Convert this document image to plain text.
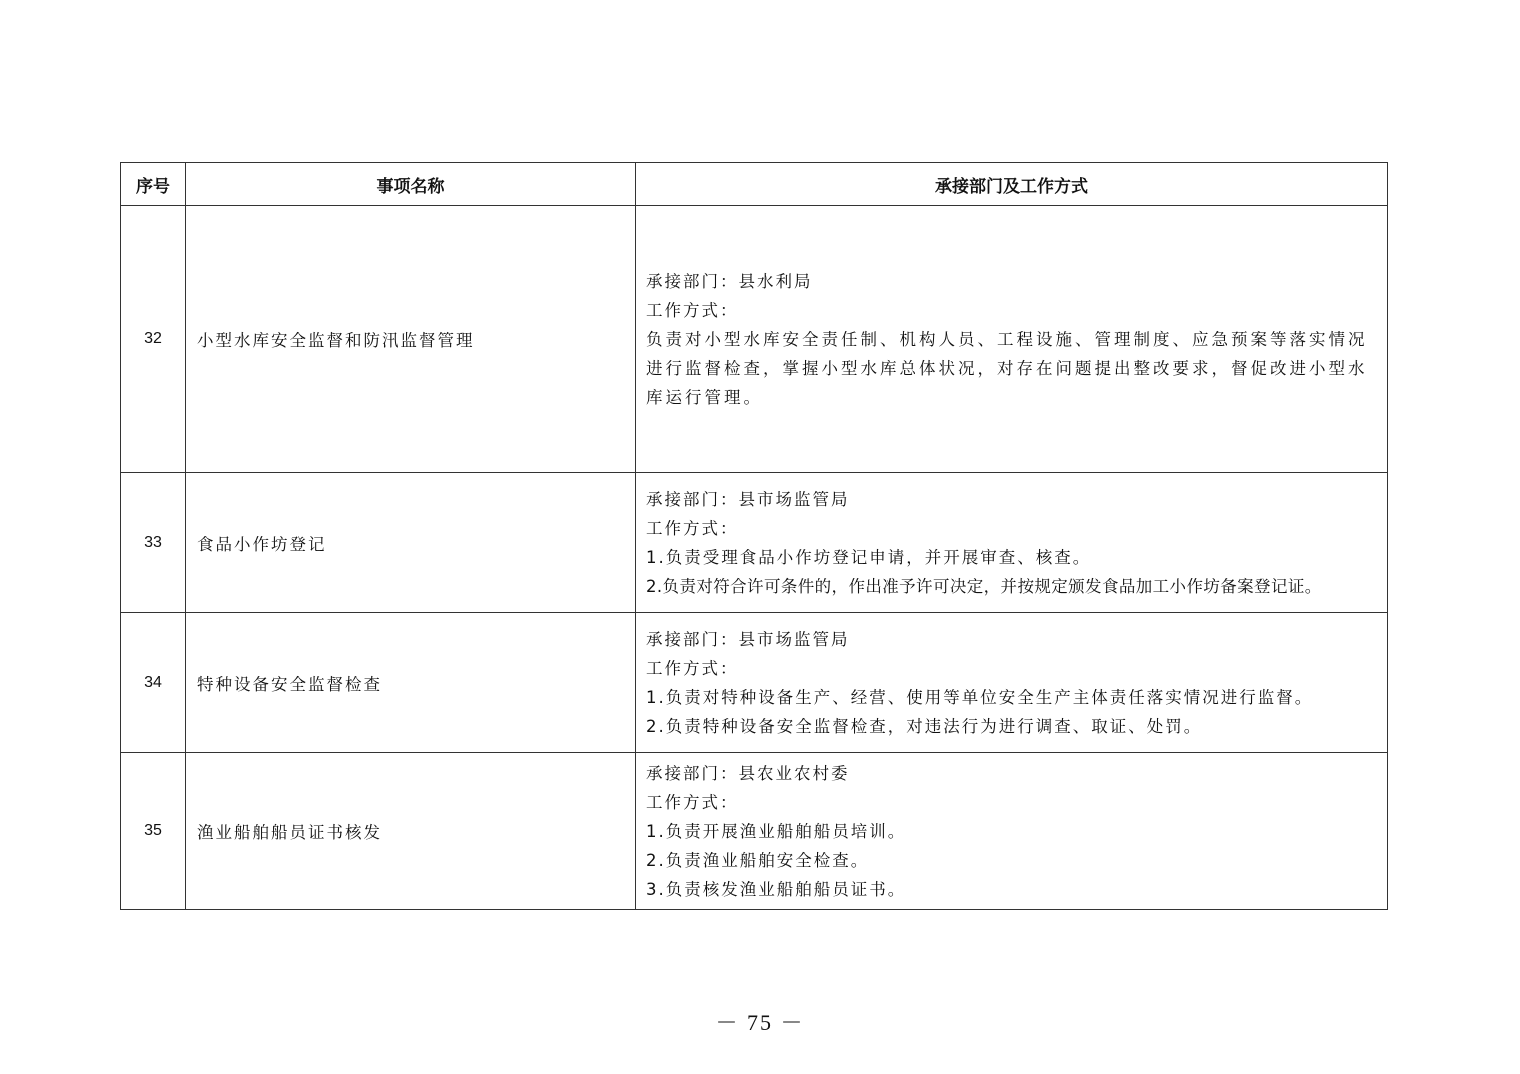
序号	事项名称	承接部门及工作方式
32	小型水库安全监督和防汛监督管理	承接部门：县水利局
工作方式：
负责对小型水库安全责任制、机构人员、工程设施、管理制度、应急预案等落实情况进行监督检查，掌握小型水库总体状况，对存在问题提出整改要求，督促改进小型水库运行管理。

33	食品小作坊登记	承接部门：县市场监管局
工作方式：
1.负责受理食品小作坊登记申请，并开展审查、核查。
2.负责对符合许可条件的，作出准予许可决定，并按规定颁发食品加工小作坊备案登记证。

34	特种设备安全监督检查	承接部门：县市场监管局
工作方式：
1.负责对特种设备生产、经营、使用等单位安全生产主体责任落实情况进行监督。
2.负责特种设备安全监督检查，对违法行为进行调查、取证、处罚。

35	渔业船舶船员证书核发	承接部门：县农业农村委
工作方式：
1.负责开展渔业船舶船员培训。
2.负责渔业船舶安全检查。
3.负责核发渔业船舶船员证书。
－ 75 －
